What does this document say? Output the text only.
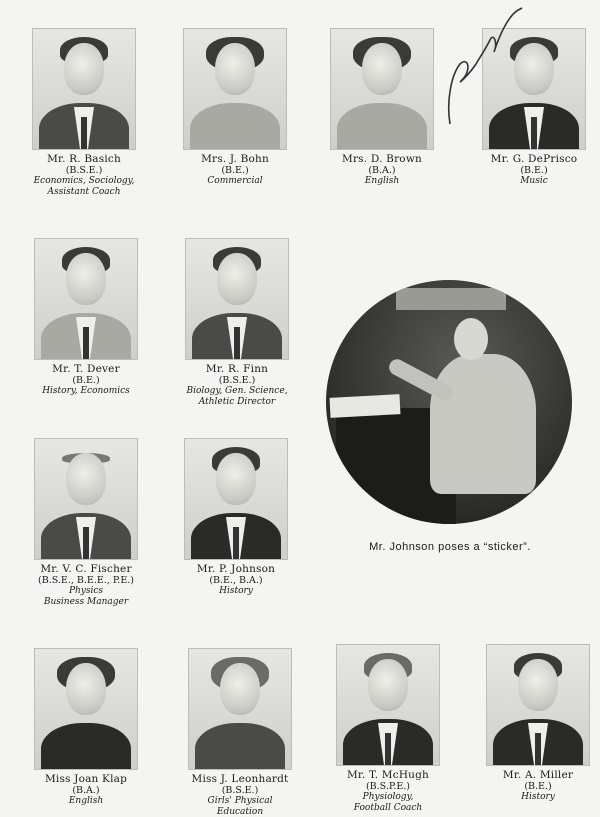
Mr. R. Basich
(B.S.E.)
Economics, Sociology,
Assistant Coach
Mrs. J. Bohn
(B.E.)
Commercial
Mrs. D. Brown
(B.A.)
English
Mr. G. DePrisco
(B.E.)
Music
Mr. T. Dever
(B.E.)
History, Economics
Mr. R. Finn
(B.S.E.)
Biology, Gen. Science,
Athletic Director
Mr. Johnson poses a “sticker”.
Mr. V. C. Fischer
(B.S.E., B.E.E., P.E.)
Physics
Business Manager
Mr. P. Johnson
(B.E., B.A.)
History
Miss Joan Klap
(B.A.)
English
Miss J. Leonhardt
(B.S.E.)
Girls' Physical
Education
Mr. T. McHugh
(B.S.P.E.)
Physiology,
Football Coach
Mr. A. Miller
(B.E.)
History
